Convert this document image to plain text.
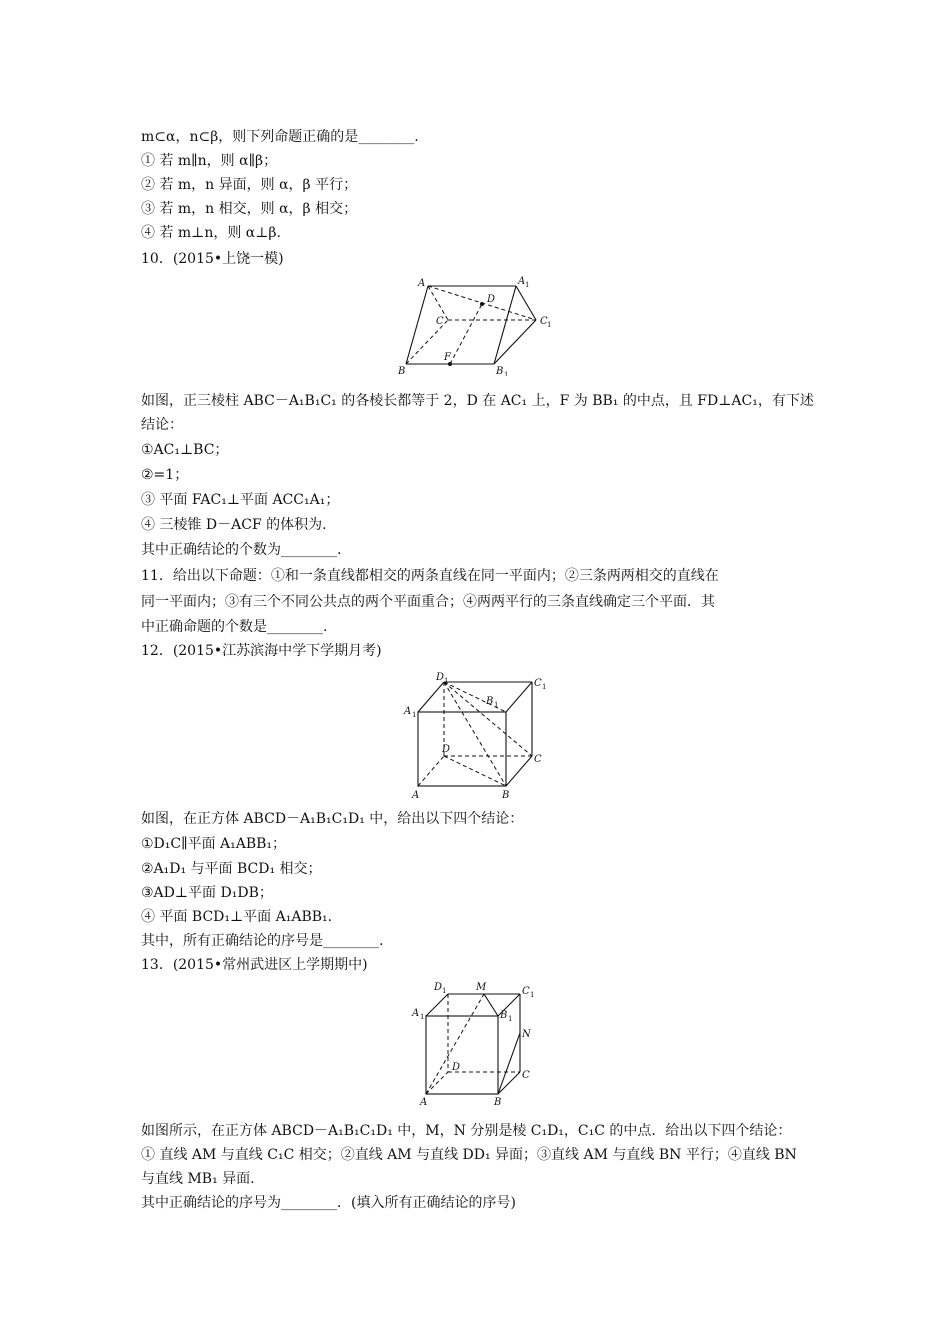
m⊂α，n⊂β，则下列命题正确的是________.
① 若 m∥n，则 α∥β；
② 若 m，n 异面，则 α，β 平行；
③ 若 m，n 相交，则 α，β 相交；
④ 若 m⊥n，则 α⊥β.
10．(2015•上饶一模)
A	A 1
C	C 1
D
B
F
B 1
如图，正三棱柱 ABC－A₁B₁C₁ 的各棱长都等于 2，D 在 AC₁ 上，F 为 BB₁ 的中点，且 FD⊥AC₁，有下述
结论：
①AC₁⊥BC；
②=1；
③ 平面 FAC₁⊥平面 ACC₁A₁；
④ 三棱锥 D－ACF 的体积为.
其中正确结论的个数为________.
11．给出以下命题：①和一条直线都相交的两条直线在同一平面内；②三条两两相交的直线在
同一平面内；③有三个不同公共点的两个平面重合；④两两平行的三条直线确定三个平面．其
中正确命题的个数是________.
12．(2015•江苏滨海中学下学期月考)
D 1	C 1
B 1
A 1
D
C
A	B
如图，在正方体 ABCD－A₁B₁C₁D₁ 中，给出以下四个结论：
①D₁C∥平面 A₁ABB₁；
②A₁D₁ 与平面 BCD₁ 相交；
③AD⊥平面 D₁DB；
④ 平面 BCD₁⊥平面 A₁ABB₁.
其中，所有正确结论的序号是________.
13．(2015•常州武进区上学期期中)
D 1	M	C 1
B 1
A 1
N
D
C
A	B
如图所示，在正方体 ABCD－A₁B₁C₁D₁ 中，M，N 分别是棱 C₁D₁，C₁C 的中点．给出以下四个结论：
① 直线 AM 与直线 C₁C 相交；②直线 AM 与直线 DD₁ 异面；③直线 AM 与直线 BN 平行；④直线 BN
与直线 MB₁ 异面.
其中正确结论的序号为________．(填入所有正确结论的序号)
